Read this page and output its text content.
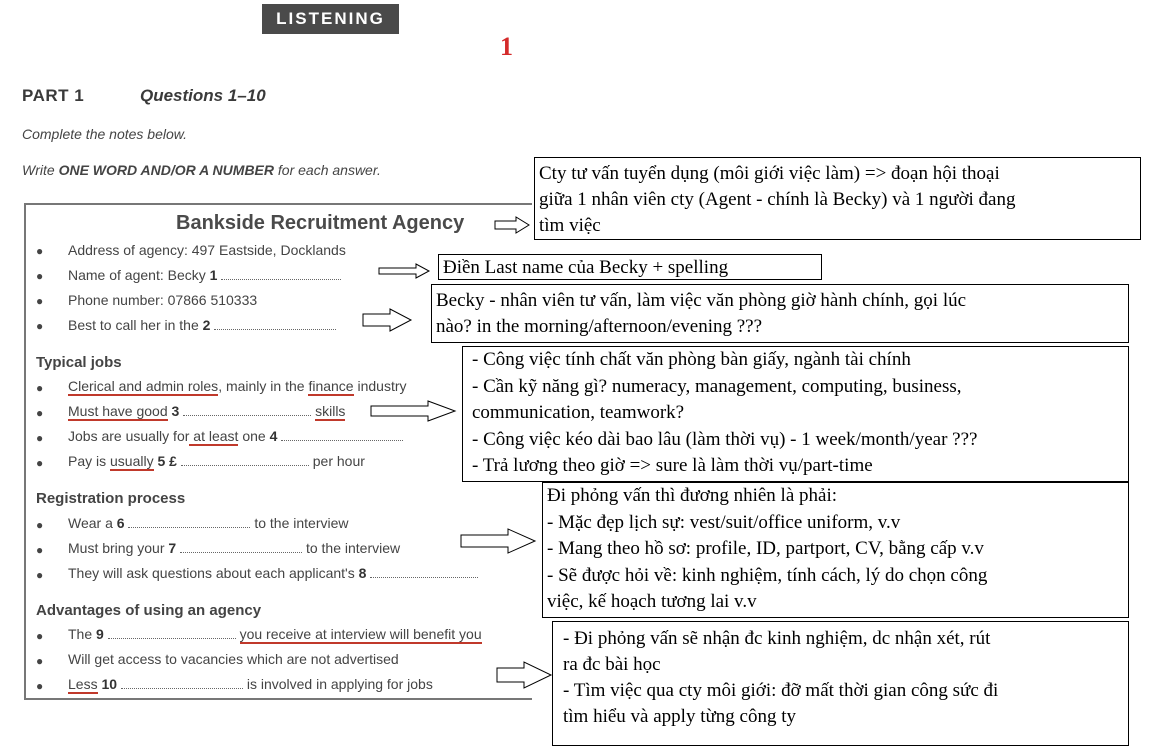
LISTENING
1
PART 1	Questions 1–10
Complete the notes below.
Write ONE WORD AND/OR A NUMBER for each answer.
Bankside Recruitment Agency
● Address of agency: 497 Eastside, Docklands
● Name of agent: Becky 1
● Phone number: 07866 510333
● Best to call her in the 2
Typical jobs
● Clerical and admin roles, mainly in the finance industry
● Must have good 3	skills
● Jobs are usually for at least one 4
● Pay is usually 5 £	per hour
Registration process
● Wear a 6	to the interview
● Must bring your 7	to the interview
● They will ask questions about each applicant's 8
Advantages of using an agency
● The 9	you receive at interview will benefit you
● Will get access to vacancies which are not advertised
● Less 10	is involved in applying for jobs
Cty tư vấn tuyển dụng (môi giới việc làm) => đoạn hội thoại
giữa 1 nhân viên cty (Agent - chính là Becky) và 1 người đang
tìm việc
Điền Last name của Becky + spelling
Becky - nhân viên tư vấn, làm việc văn phòng giờ hành chính, gọi lúc
nào? in the morning/afternoon/evening ???
- Công việc tính chất văn phòng bàn giấy, ngành tài chính
- Cần kỹ năng gì? numeracy, management, computing, business,
communication, teamwork?
- Công việc kéo dài bao lâu (làm thời vụ) - 1 week/month/year ???
- Trả lương theo giờ => sure là làm thời vụ/part-time
Đi phỏng vấn thì đương nhiên là phải:
- Mặc đẹp lịch sự: vest/suit/office uniform, v.v
- Mang theo hồ sơ: profile, ID, partport, CV, bằng cấp v.v
- Sẽ được hỏi về: kinh nghiệm, tính cách, lý do chọn công
việc, kế hoạch tương lai v.v
- Đi phỏng vấn sẽ nhận đc kinh nghiệm, dc nhận xét, rút
ra đc bài học
- Tìm việc qua cty môi giới: đỡ mất thời gian công sức đi
tìm hiểu và apply từng công ty
